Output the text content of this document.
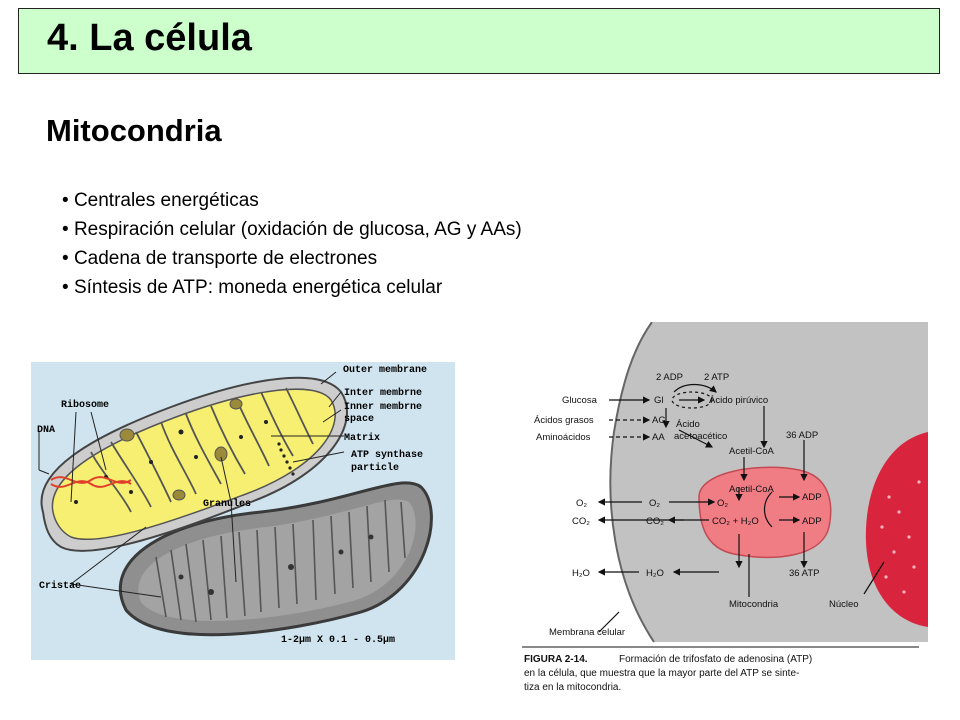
4. La célula
Mitocondria
• Centrales energéticas
• Respiración celular (oxidación de glucosa, AG y AAs)
• Cadena de transporte de electrones
• Síntesis de ATP: moneda energética celular
Outer membrane
Inter membrne
Inner membrne
space
Matrix
ATP synthase
particle
Ribosome
DNA
Granules
Cristae
1-2µm X 0.1 - 0.5µm
2 ADP 2 ATP
Glucosa	Gl	Ácido pirúvico
Ácidos grasos	AG Ácido
Aminoácidos	AA acetoacético	36 ADP
Acetil-CoA
O₂	O₂
Acetil-CoA
O₂
ADP
CO₂	CO₂	CO₂ + H₂O	ADP
H₂O	H₂O	36 ATP
Mitocondria	Núcleo
Membrana celular
FIGURA 2-14.	Formación de trifosfato de adenosina (ATP)
en la célula, que muestra que la mayor parte del ATP se sinte-
tiza en la mitocondria.
